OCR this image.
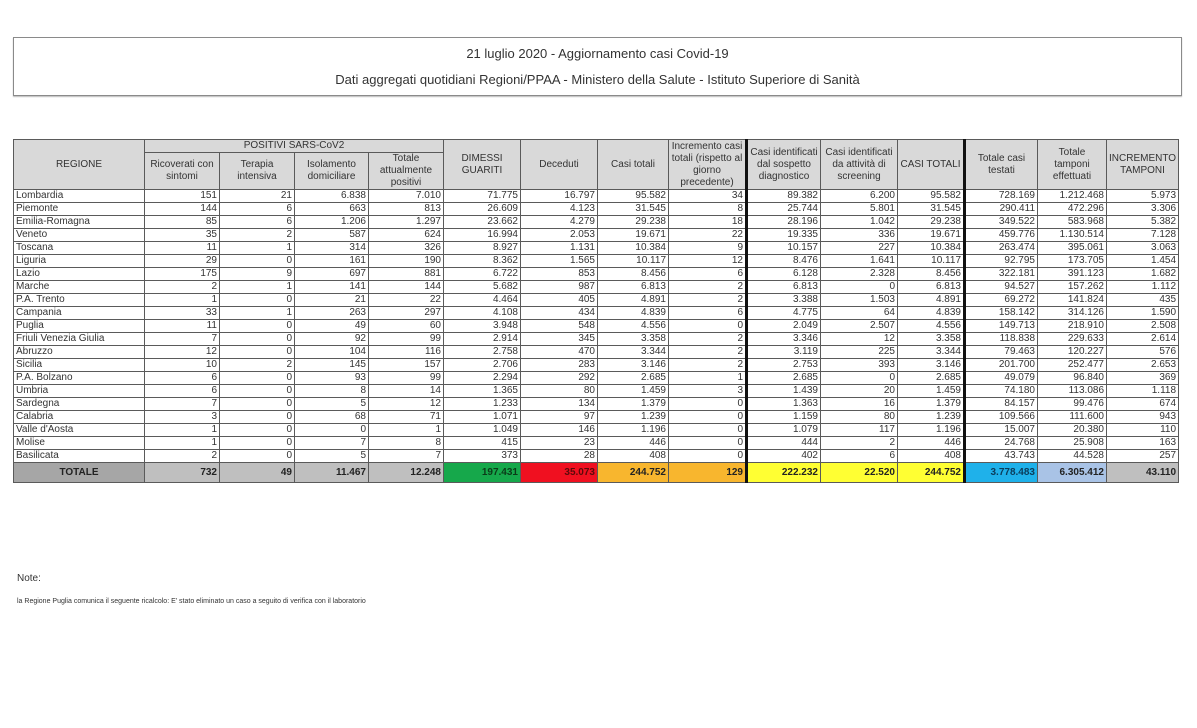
21 luglio 2020 - Aggiornamento casi Covid-19
Dati aggregati quotidiani Regioni/PPAA - Ministero della Salute - Istituto Superiore di Sanità
REGIONE	POSITIVI SARS-CoV2				DIMESSI GUARITI	Deceduti	Casi totali	Incremento casi totali (rispetto al giorno precedente)	Casi identificati dal sospetto diagnostico	Casi identificati da attività di screening	CASI TOTALI	Totale casi testati	Totale tamponi effettuati	INCREMENTO TAMPONI
	Ricoverati con sintomi	Terapia intensiva	Isolamento domiciliare	Totale attualmente positivi										
Lombardia	151	21	6.838	7.010	71.775	16.797	95.582	34	89.382	6.200	95.582	728.169	1.212.468	5.973
Piemonte	144	6	663	813	26.609	4.123	31.545	8	25.744	5.801	31.545	290.411	472.296	3.306
Emilia-Romagna	85	6	1.206	1.297	23.662	4.279	29.238	18	28.196	1.042	29.238	349.522	583.968	5.382
Veneto	35	2	587	624	16.994	2.053	19.671	22	19.335	336	19.671	459.776	1.130.514	7.128
Toscana	11	1	314	326	8.927	1.131	10.384	9	10.157	227	10.384	263.474	395.061	3.063
Liguria	29	0	161	190	8.362	1.565	10.117	12	8.476	1.641	10.117	92.795	173.705	1.454
Lazio	175	9	697	881	6.722	853	8.456	6	6.128	2.328	8.456	322.181	391.123	1.682
Marche	2	1	141	144	5.682	987	6.813	2	6.813	0	6.813	94.527	157.262	1.112
P.A. Trento	1	0	21	22	4.464	405	4.891	2	3.388	1.503	4.891	69.272	141.824	435
Campania	33	1	263	297	4.108	434	4.839	6	4.775	64	4.839	158.142	314.126	1.590
Puglia	11	0	49	60	3.948	548	4.556	0	2.049	2.507	4.556	149.713	218.910	2.508
Friuli Venezia Giulia	7	0	92	99	2.914	345	3.358	2	3.346	12	3.358	118.838	229.633	2.614
Abruzzo	12	0	104	116	2.758	470	3.344	2	3.119	225	3.344	79.463	120.227	576
Sicilia	10	2	145	157	2.706	283	3.146	2	2.753	393	3.146	201.700	252.477	2.653
P.A. Bolzano	6	0	93	99	2.294	292	2.685	1	2.685	0	2.685	49.079	96.840	369
Umbria	6	0	8	14	1.365	80	1.459	3	1.439	20	1.459	74.180	113.086	1.118
Sardegna	7	0	5	12	1.233	134	1.379	0	1.363	16	1.379	84.157	99.476	674
Calabria	3	0	68	71	1.071	97	1.239	0	1.159	80	1.239	109.566	111.600	943
Valle d'Aosta	1	0	0	1	1.049	146	1.196	0	1.079	117	1.196	15.007	20.380	110
Molise	1	0	7	8	415	23	446	0	444	2	446	24.768	25.908	163
Basilicata	2	0	5	7	373	28	408	0	402	6	408	43.743	44.528	257
TOTALE	732	49	11.467	12.248	197.431	35.073	244.752	129	222.232	22.520	244.752	3.778.483	6.305.412	43.110
Note:
la Regione Puglia comunica il seguente ricalcolo: E' stato eliminato un caso a seguito di verifica con il laboratorio
